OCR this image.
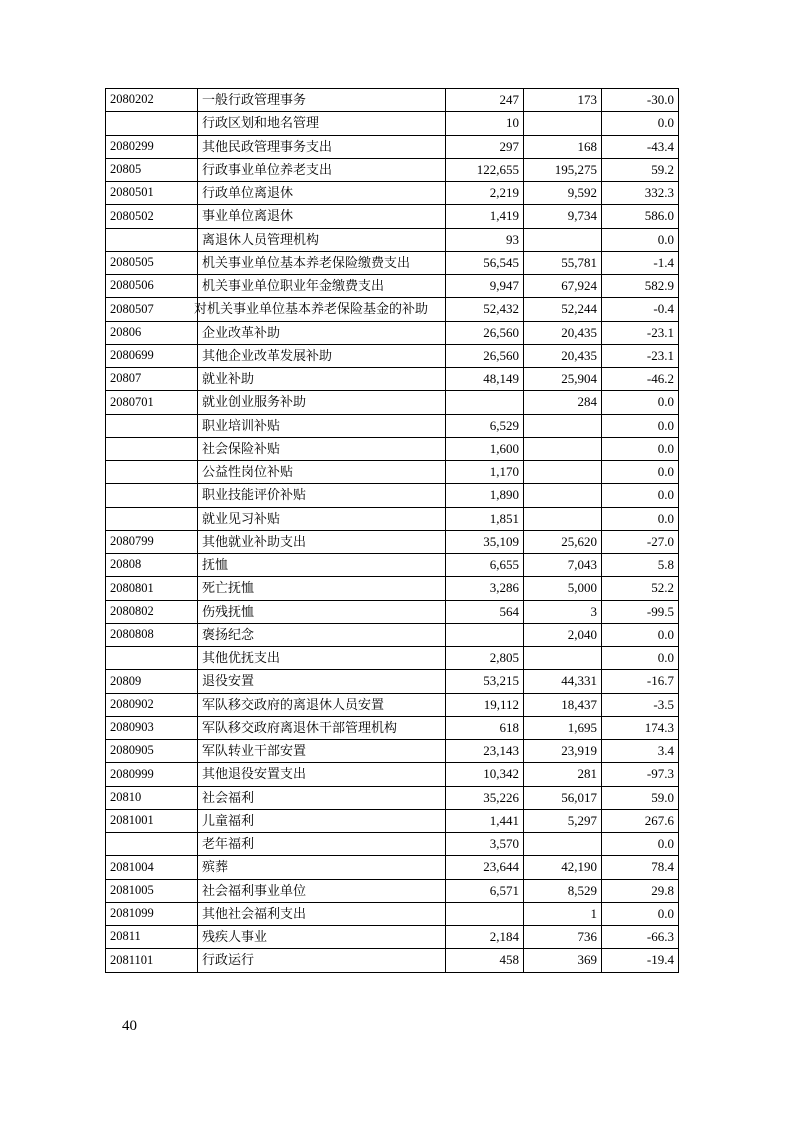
2080202	一般行政管理事务	247	173	-30.0
	行政区划和地名管理	10		0.0
2080299	其他民政管理事务支出	297	168	-43.4
20805	行政事业单位养老支出	122,655	195,275	59.2
2080501	行政单位离退休	2,219	9,592	332.3
2080502	事业单位离退休	1,419	9,734	586.0
	离退休人员管理机构	93		0.0
2080505	机关事业单位基本养老保险缴费支出	56,545	55,781	-1.4
2080506	机关事业单位职业年金缴费支出	9,947	67,924	582.9
2080507	对机关事业单位基本养老保险基金的补助	52,432	52,244	-0.4
20806	企业改革补助	26,560	20,435	-23.1
2080699	其他企业改革发展补助	26,560	20,435	-23.1
20807	就业补助	48,149	25,904	-46.2
2080701	就业创业服务补助		284	0.0
	职业培训补贴	6,529		0.0
	社会保险补贴	1,600		0.0
	公益性岗位补贴	1,170		0.0
	职业技能评价补贴	1,890		0.0
	就业见习补贴	1,851		0.0
2080799	其他就业补助支出	35,109	25,620	-27.0
20808	抚恤	6,655	7,043	5.8
2080801	死亡抚恤	3,286	5,000	52.2
2080802	伤残抚恤	564	3	-99.5
2080808	褒扬纪念		2,040	0.0
	其他优抚支出	2,805		0.0
20809	退役安置	53,215	44,331	-16.7
2080902	军队移交政府的离退休人员安置	19,112	18,437	-3.5
2080903	军队移交政府离退休干部管理机构	618	1,695	174.3
2080905	军队转业干部安置	23,143	23,919	3.4
2080999	其他退役安置支出	10,342	281	-97.3
20810	社会福利	35,226	56,017	59.0
2081001	儿童福利	1,441	5,297	267.6
	老年福利	3,570		0.0
2081004	殡葬	23,644	42,190	78.4
2081005	社会福利事业单位	6,571	8,529	29.8
2081099	其他社会福利支出		1	0.0
20811	残疾人事业	2,184	736	-66.3
2081101	行政运行	458	369	-19.4
40
